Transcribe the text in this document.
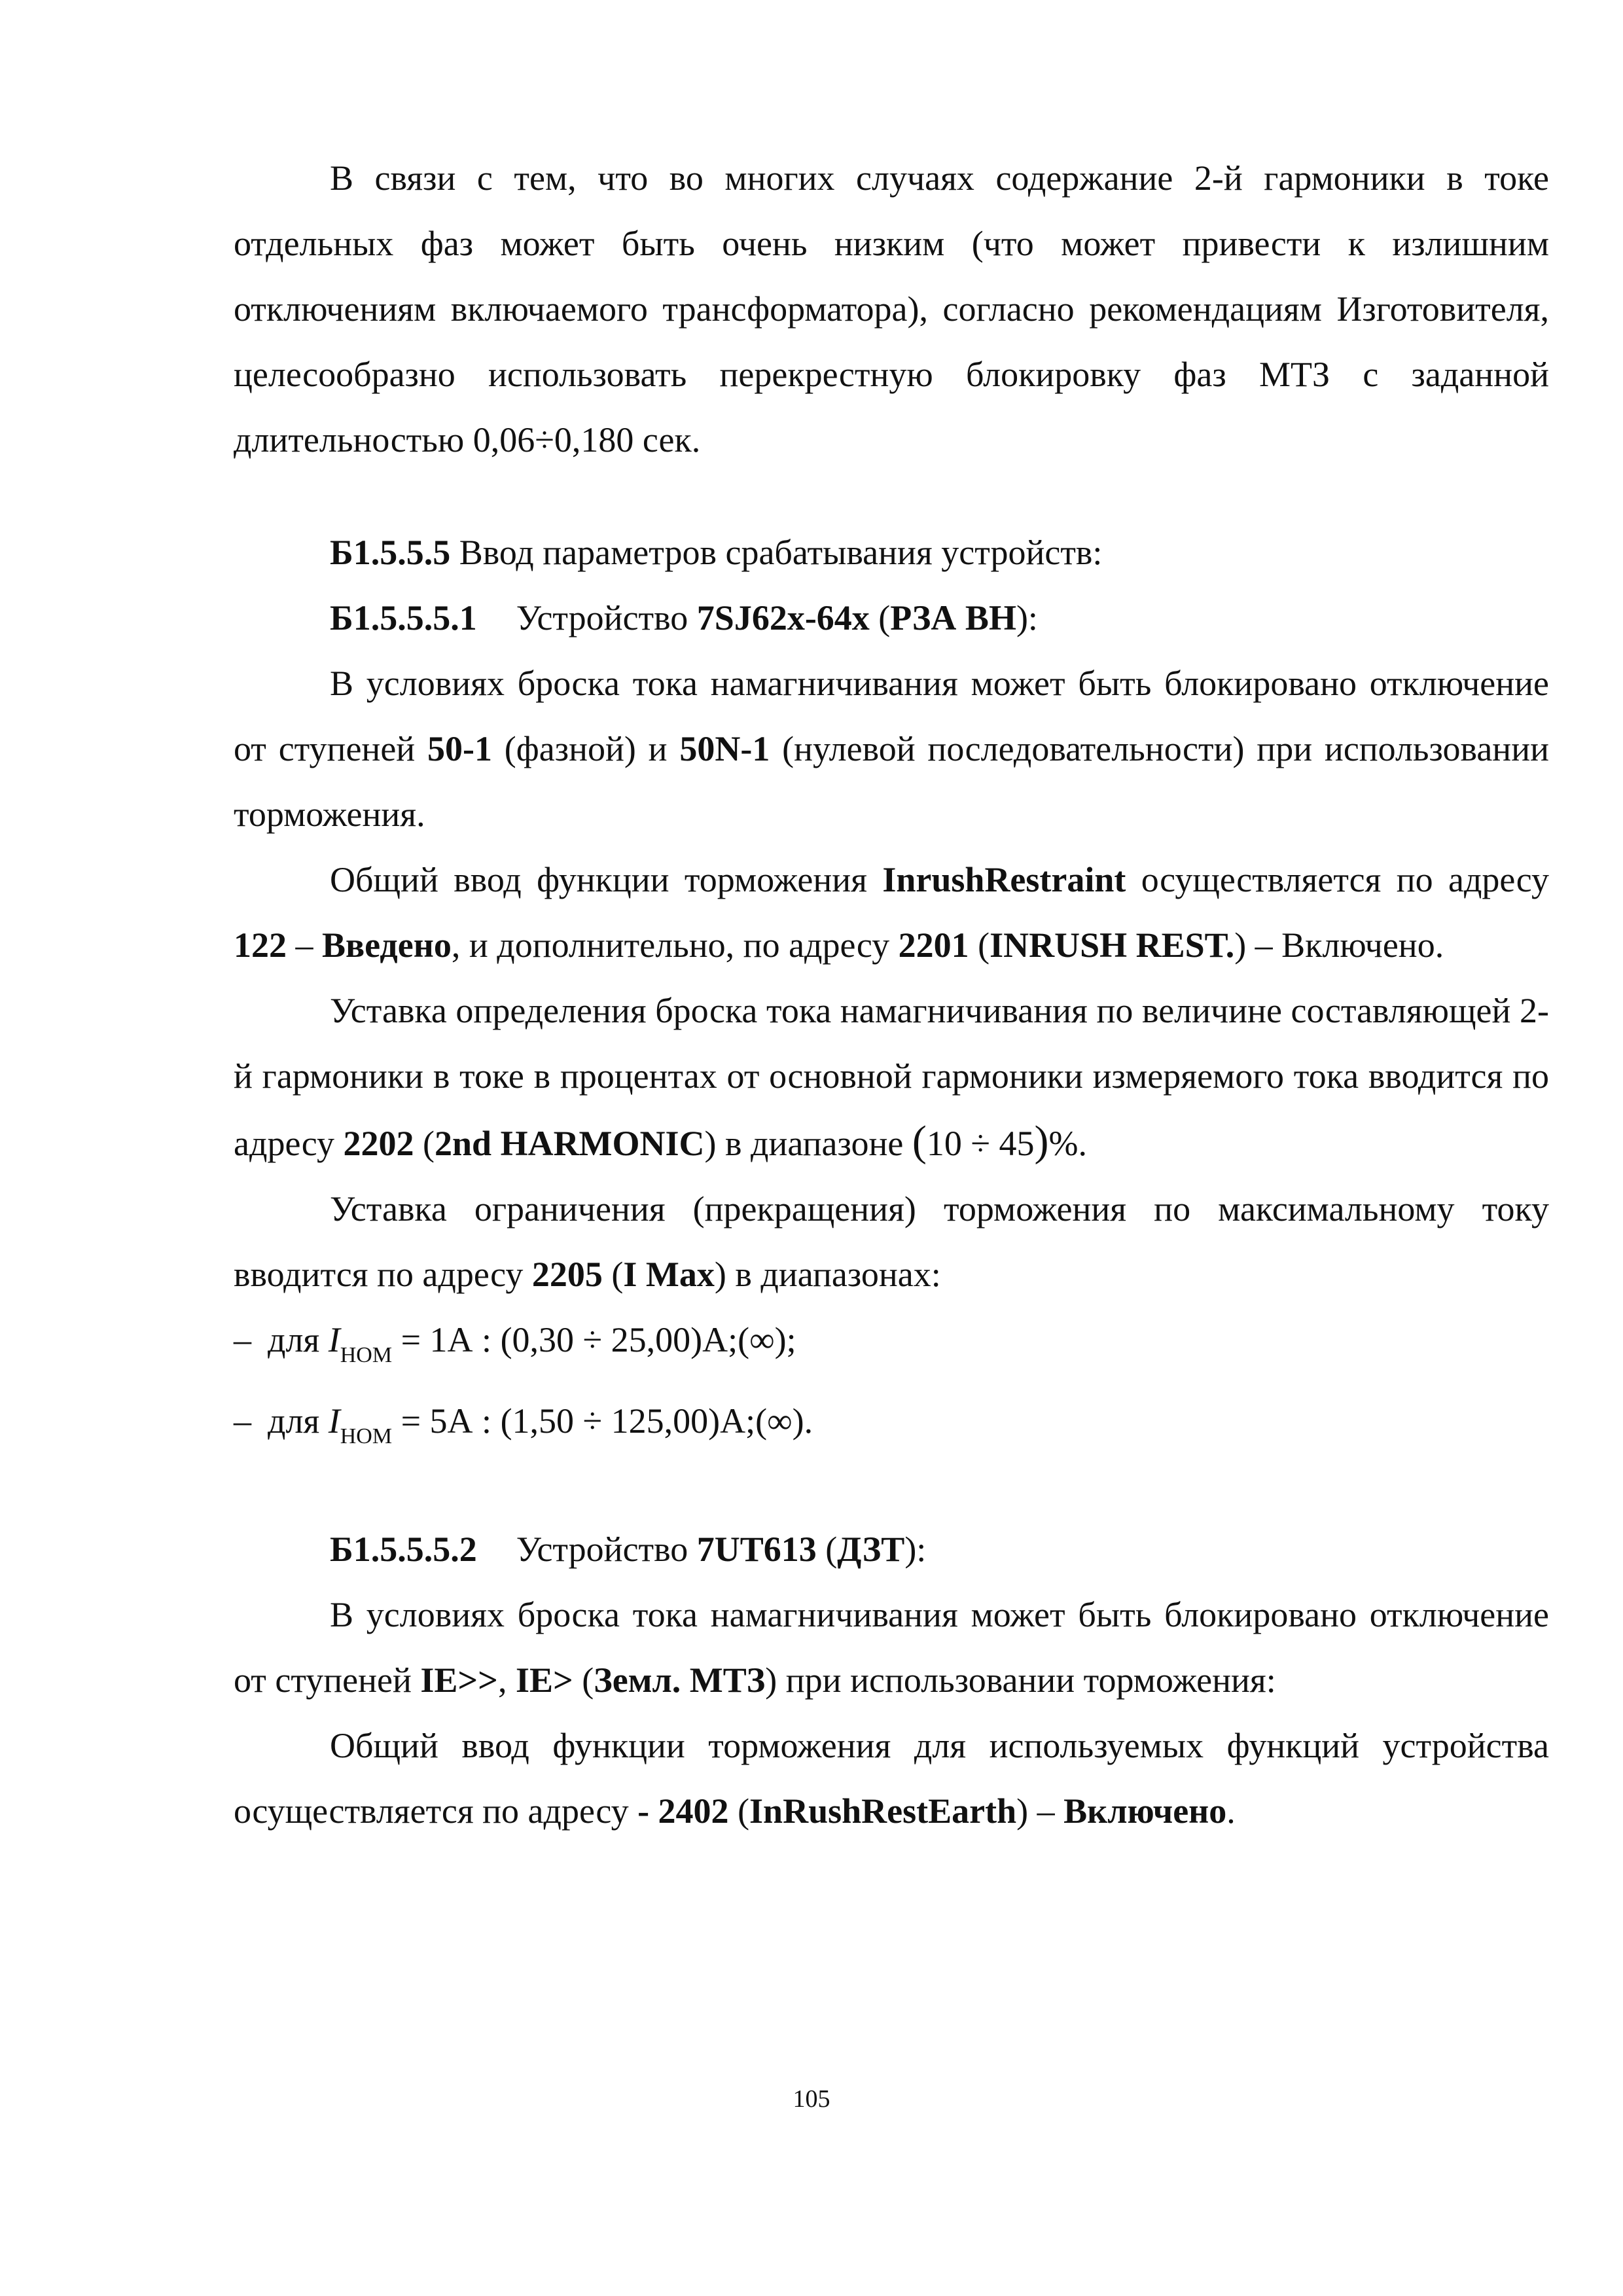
В связи с тем, что во многих случаях содержание 2-й гармоники в токе отдельных фаз может быть очень низким (что может привести к излишним отключениям включаемого трансформатора), согласно рекомендациям Изготовителя, целесообразно использовать перекрестную блокировку фаз МТЗ с заданной длительностью 0,06÷0,180 сек.

Б1.5.5.5 Ввод параметров срабатывания устройств:

Б1.5.5.5.1 Устройство 7SJ62x-64x (РЗА ВН):

В условиях броска тока намагничивания может быть блокировано отключение от ступеней 50-1 (фазной) и 50N-1 (нулевой последовательности) при использовании торможения.

Общий ввод функции торможения InrushRestraint осуществляется по адресу 122 – Введено, и дополнительно, по адресу 2201 (INRUSH REST.) – Включено.

Уставка определения броска тока намагничивания по величине составляющей 2-й гармоники в токе в процентах от основной гармоники измеряемого тока вводится по адресу 2202 (2nd HARMONIC) в диапазоне (10 ÷ 45)%.

Уставка ограничения (прекращения) торможения по максимальному току вводится по адресу 2205 (I Max) в диапазонах:

– для $I_{НОМ} = 1А$ : (0,30 ÷ 25,00)А;(∞);

– для $I_{НОМ} = 5А$ : (1,50 ÷ 125,00)А;(∞).

Б1.5.5.5.2 Устройство 7UT613 (ДЗТ):

В условиях броска тока намагничивания может быть блокировано отключение от ступеней IE>>, IE> (Земл. МТЗ) при использовании торможения:

Общий ввод функции торможения для используемых функций устройства осуществляется по адресу - 2402 (InRushRestEarth) – Включено.

105
